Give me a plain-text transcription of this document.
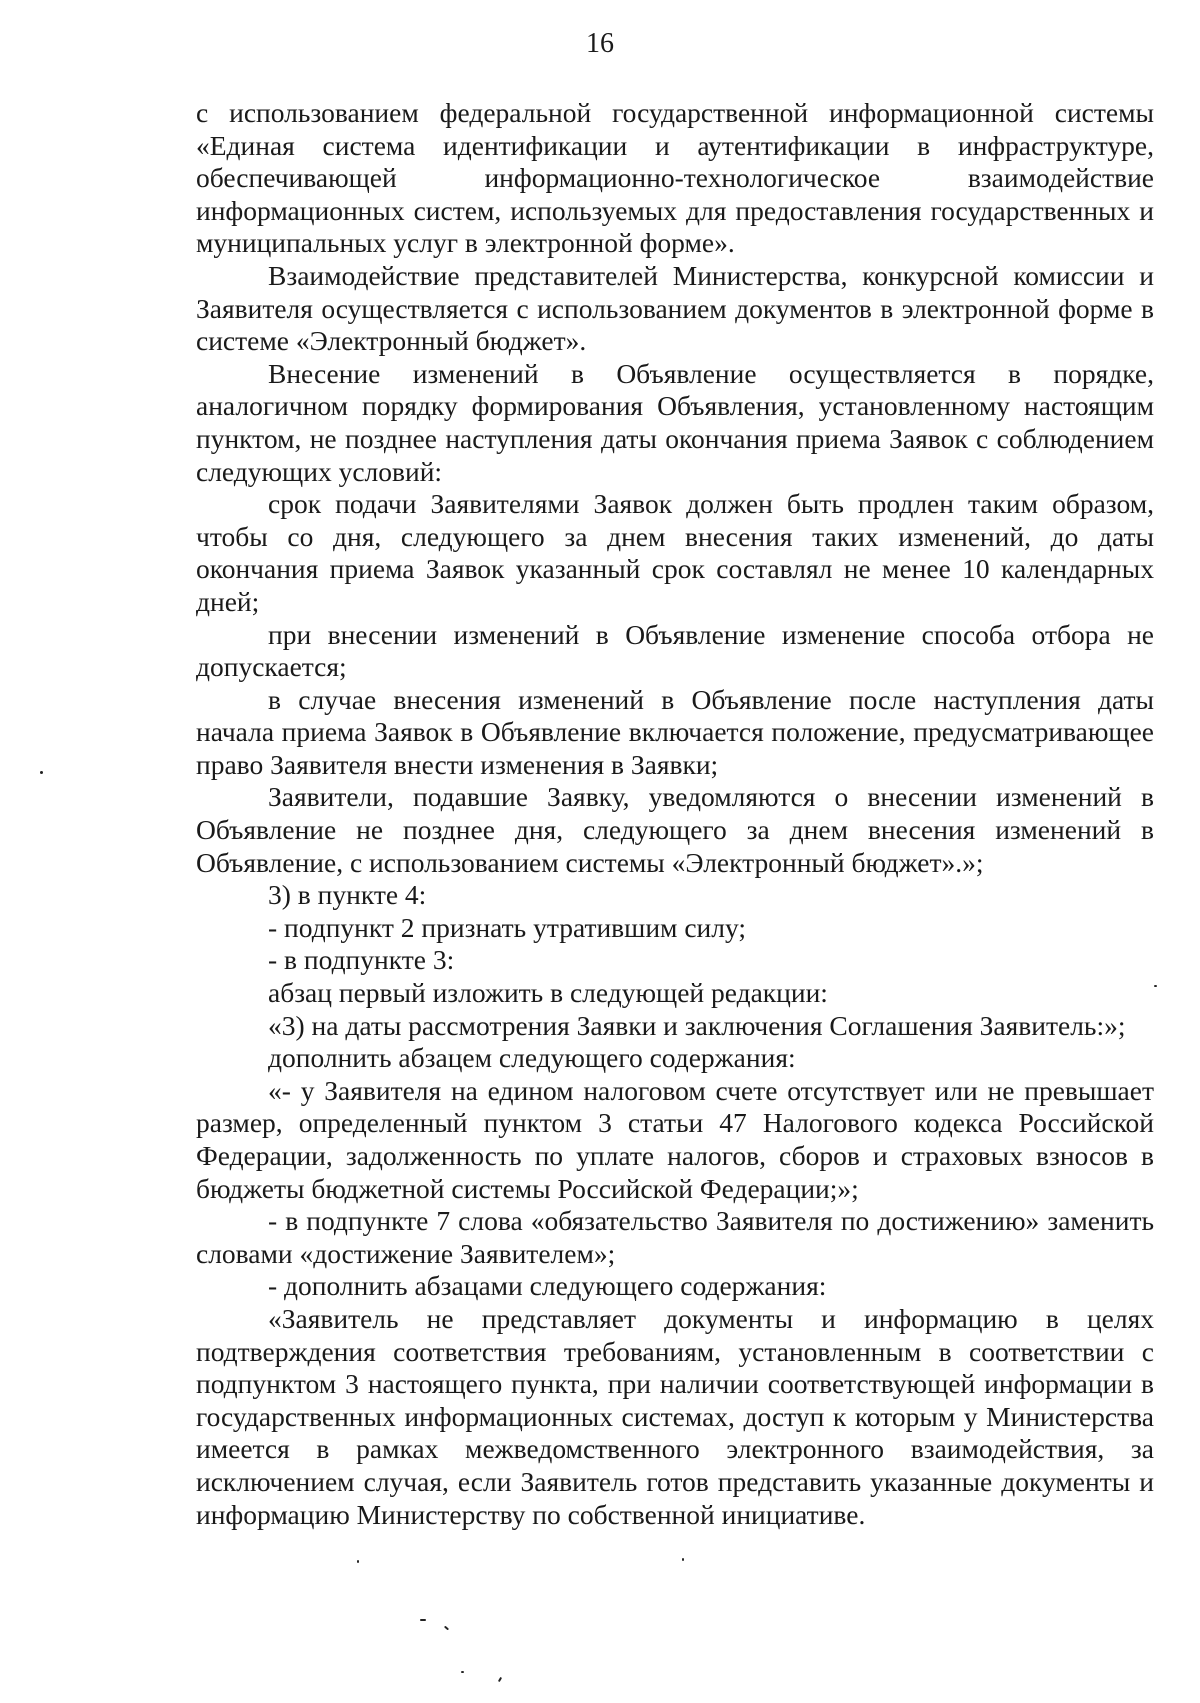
16

с использованием федеральной государственной информационной системы «Единая система идентификации и аутентификации в инфраструктуре, обеспечивающей информационно-технологическое взаимодействие информационных систем, используемых для предоставления государственных и муниципальных услуг в электронной форме».

Взаимодействие представителей Министерства, конкурсной комиссии и Заявителя осуществляется с использованием документов в электронной форме в системе «Электронный бюджет».

Внесение изменений в Объявление осуществляется в порядке, аналогичном порядку формирования Объявления, установленному настоящим пунктом, не позднее наступления даты окончания приема Заявок с соблюдением следующих условий:

срок подачи Заявителями Заявок должен быть продлен таким образом, чтобы со дня, следующего за днем внесения таких изменений, до даты окончания приема Заявок указанный срок составлял не менее 10 календарных дней;

при внесении изменений в Объявление изменение способа отбора не допускается;

в случае внесения изменений в Объявление после наступления даты начала приема Заявок в Объявление включается положение, предусматривающее право Заявителя внести изменения в Заявки;

Заявители, подавшие Заявку, уведомляются о внесении изменений в Объявление не позднее дня, следующего за днем внесения изменений в Объявление, с использованием системы «Электронный бюджет».»;

3) в пункте 4:

- подпункт 2 признать утратившим силу;

- в подпункте 3:

абзац первый изложить в следующей редакции:

«3) на даты рассмотрения Заявки и заключения Соглашения Заявитель:»;

дополнить абзацем следующего содержания:

«- у Заявителя на едином налоговом счете отсутствует или не превышает размер, определенный пунктом 3 статьи 47 Налогового кодекса Российской Федерации, задолженность по уплате налогов, сборов и страховых взносов в бюджеты бюджетной системы Российской Федерации;»;

- в подпункте 7 слова «обязательство Заявителя по достижению» заменить словами «достижение Заявителем»;

- дополнить абзацами следующего содержания:

«Заявитель не представляет документы и информацию в целях подтверждения соответствия требованиям, установленным в соответствии с подпунктом 3 настоящего пункта, при наличии соответствующей информации в государственных информационных системах, доступ к которым у Министерства имеется в рамках межведомственного электронного взаимодействия, за исключением случая, если Заявитель готов представить указанные документы и информацию Министерству по собственной инициативе.
